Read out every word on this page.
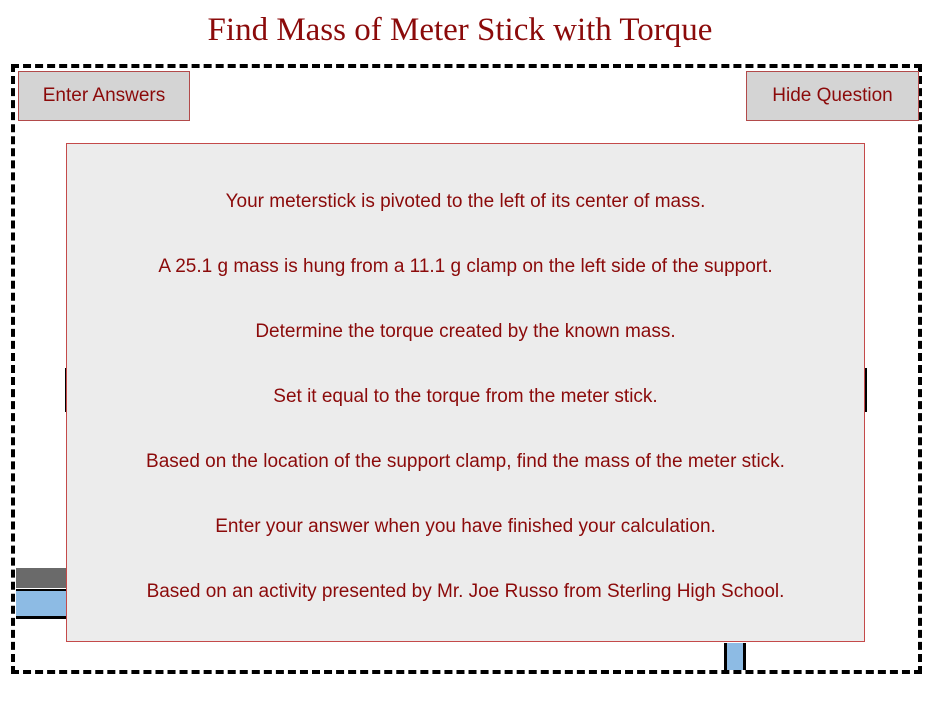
Find Mass of Meter Stick with Torque
Enter Answers	Hide Question

Your meterstick is pivoted to the left of its center of mass.

A 25.1 g mass is hung from a 11.1 g clamp on the left side of the support.

Determine the torque created by the known mass.

Set it equal to the torque from the meter stick.

Based on the location of the support clamp, find the mass of the meter stick.

Enter your answer when you have finished your calculation.

Based on an activity presented by Mr. Joe Russo from Sterling High School.
